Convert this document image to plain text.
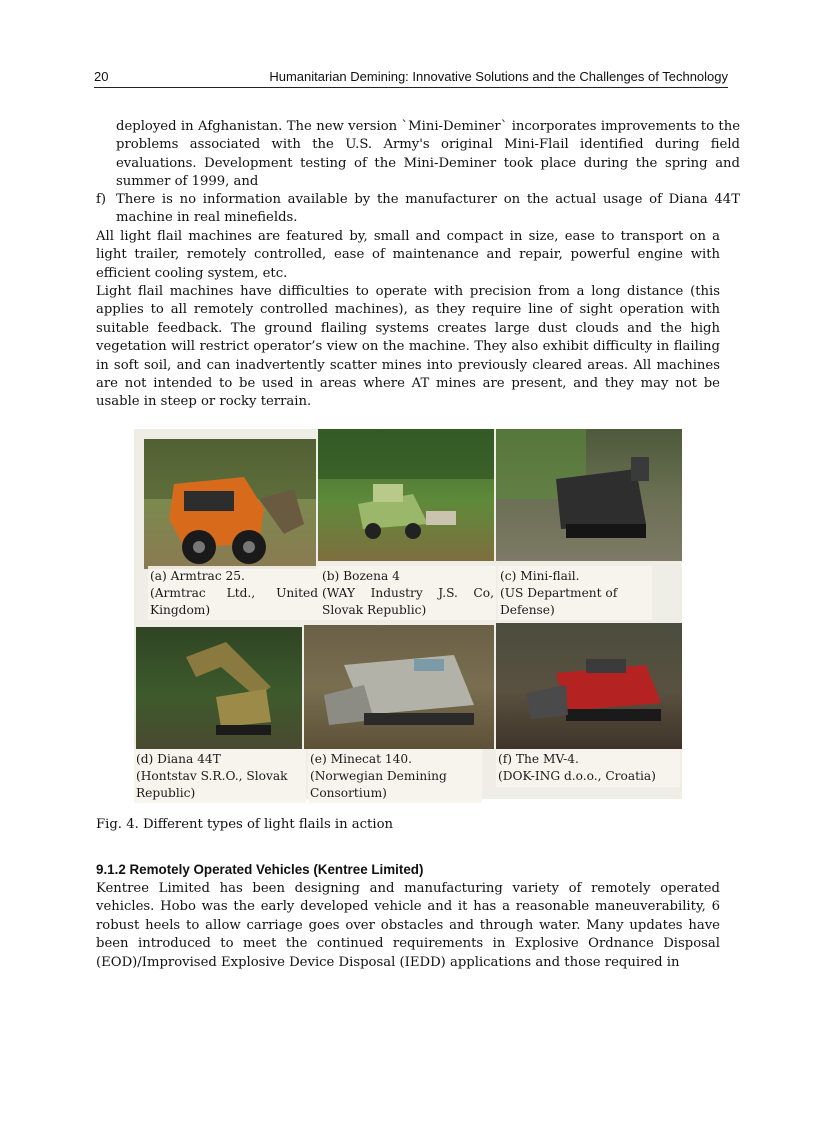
20	Humanitarian Demining: Innovative Solutions and the Challenges of Technology

deployed in Afghanistan. The new version `Mini-Deminer` incorporates improvements to the problems associated with the U.S. Army's original Mini-Flail identified during field evaluations. Development testing of the Mini-Deminer took place during the spring and summer of 1999, and

f) There is no information available by the manufacturer on the actual usage of Diana 44T machine in real minefields.

All light flail machines are featured by, small and compact in size, ease to transport on a light trailer, remotely controlled, ease of maintenance and repair, powerful engine with efficient cooling system, etc.

Light flail machines have difficulties to operate with precision from a long distance (this applies to all remotely controlled machines), as they require line of sight operation with suitable feedback. The ground flailing systems creates large dust clouds and the high vegetation will restrict operator’s view on the machine. They also exhibit difficulty in flailing in soft soil, and can inadvertently scatter mines into previously cleared areas. All machines are not intended to be used in areas where AT mines are present, and they may not be usable in steep or rocky terrain.

(a) Armtrac 25.
(Armtrac Ltd., United
Kingdom)
(b) Bozena 4
(WAY Industry J.S. Co,
Slovak Republic)
(c) Mini-flail.
(US Department of
Defense)
(d) Diana 44T
(Hontstav S.R.O., Slovak
Republic)
(e) Minecat 140.
(Norwegian Demining
Consortium)
(f) The MV-4.
(DOK-ING d.o.o., Croatia)
Fig. 4. Different types of light flails in action
9.1.2 Remotely Operated Vehicles (Kentree Limited)

Kentree Limited has been designing and manufacturing variety of remotely operated vehicles. Hobo was the early developed vehicle and it has a reasonable maneuverability, 6 robust heels to allow carriage goes over obstacles and through water. Many updates have been introduced to meet the continued requirements in Explosive Ordnance Disposal (EOD)/Improvised Explosive Device Disposal (IEDD) applications and those required in
